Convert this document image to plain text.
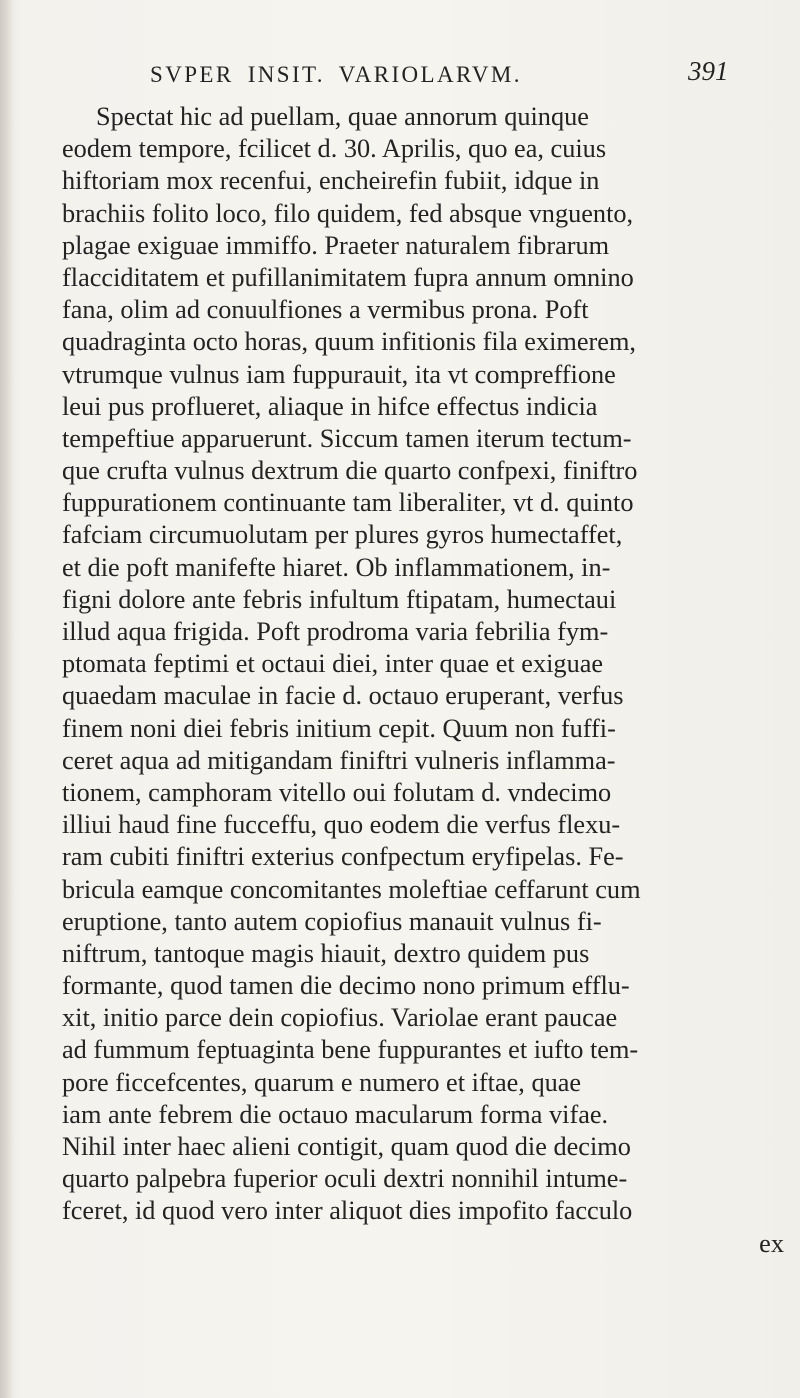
SVPER INSIT. VARIOLARVM.	391
Spectat hic ad puellam, quae annorum quinque
eodem tempore, fcilicet d. 30. Aprilis, quo ea, cuius
hiftoriam mox recenfui, encheirefin fubiit, idque in
brachiis folito loco, filo quidem, fed absque vnguento,
plagae exiguae immiffo. Praeter naturalem fibrarum
flacciditatem et pufillanimitatem fupra annum omnino
fana, olim ad conuulfiones a vermibus prona. Poft
quadraginta octo horas, quum infitionis fila eximerem,
vtrumque vulnus iam fuppurauit, ita vt compreffione
leui pus proflueret, aliaque in hifce effectus indicia
tempeftiue apparuerunt. Siccum tamen iterum tectum-
que crufta vulnus dextrum die quarto confpexi, finiftro
fuppurationem continuante tam liberaliter, vt d. quinto
fafciam circumuolutam per plures gyros humectaffet,
et die poft manifefte hiaret. Ob inflammationem, in-
figni dolore ante febris infultum ftipatam, humectaui
illud aqua frigida. Poft prodroma varia febrilia fym-
ptomata feptimi et octaui diei, inter quae et exiguae
quaedam maculae in facie d. octauo eruperant, verfus
finem noni diei febris initium cepit. Quum non fuffi-
ceret aqua ad mitigandam finiftri vulneris inflamma-
tionem, camphoram vitello oui folutam d. vndecimo
illiui haud fine fucceffu, quo eodem die verfus flexu-
ram cubiti finiftri exterius confpectum eryfipelas. Fe-
bricula eamque concomitantes moleftiae ceffarunt cum
eruptione, tanto autem copiofius manauit vulnus fi-
niftrum, tantoque magis hiauit, dextro quidem pus
formante, quod tamen die decimo nono primum efflu-
xit, initio parce dein copiofius. Variolae erant paucae
ad fummum feptuaginta bene fuppurantes et iufto tem-
pore ficcefcentes, quarum e numero et iftae, quae
iam ante febrem die octauo macularum forma vifae.
Nihil inter haec alieni contigit, quam quod die decimo
quarto palpebra fuperior oculi dextri nonnihil intume-
fceret, id quod vero inter aliquot dies impofito facculo
ex
